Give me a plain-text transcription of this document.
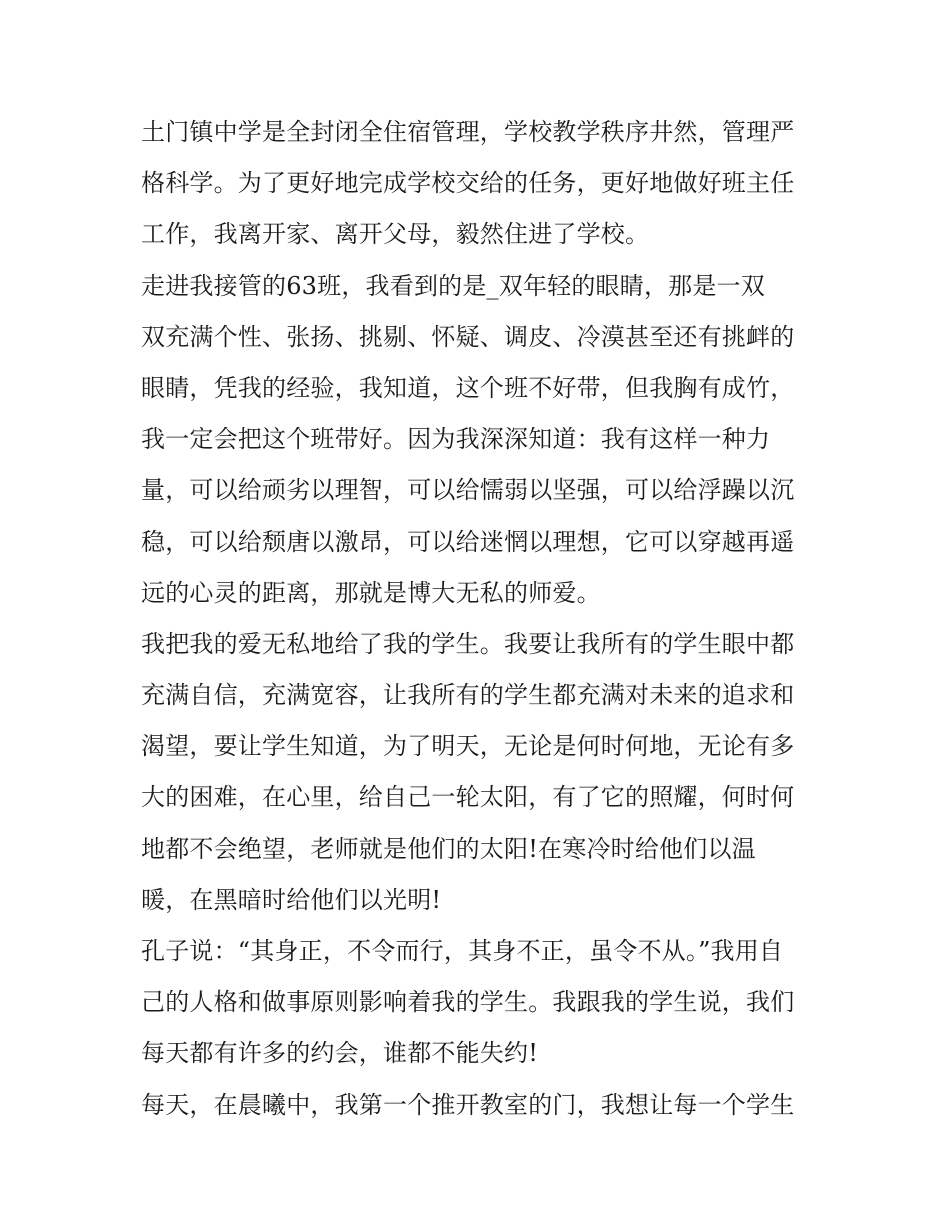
土门镇中学是全封闭全住宿管理，学校教学秩序井然，管理严
格科学。为了更好地完成学校交给的任务，更好地做好班主任
工作，我离开家、离开父母，毅然住进了学校。
走进我接管的63班，我看到的是_双年轻的眼睛，那是一双
双充满个性、张扬、挑剔、怀疑、调皮、冷漠甚至还有挑衅的
眼睛，凭我的经验，我知道，这个班不好带，但我胸有成竹，
我一定会把这个班带好。因为我深深知道：我有这样一种力
量，可以给顽劣以理智，可以给懦弱以坚强，可以给浮躁以沉
稳，可以给颓唐以激昂，可以给迷惘以理想，它可以穿越再遥
远的心灵的距离，那就是博大无私的师爱。
我把我的爱无私地给了我的学生。我要让我所有的学生眼中都
充满自信，充满宽容，让我所有的学生都充满对未来的追求和
渴望，要让学生知道，为了明天，无论是何时何地，无论有多
大的困难，在心里，给自己一轮太阳，有了它的照耀，何时何
地都不会绝望，老师就是他们的太阳!在寒冷时给他们以温
暖，在黑暗时给他们以光明!
孔子说：“其身正，不令而行，其身不正，虽令不从。”我用自
己的人格和做事原则影响着我的学生。我跟我的学生说，我们
每天都有许多的约会，谁都不能失约!
每天，在晨曦中，我第一个推开教室的门，我想让每一个学生
